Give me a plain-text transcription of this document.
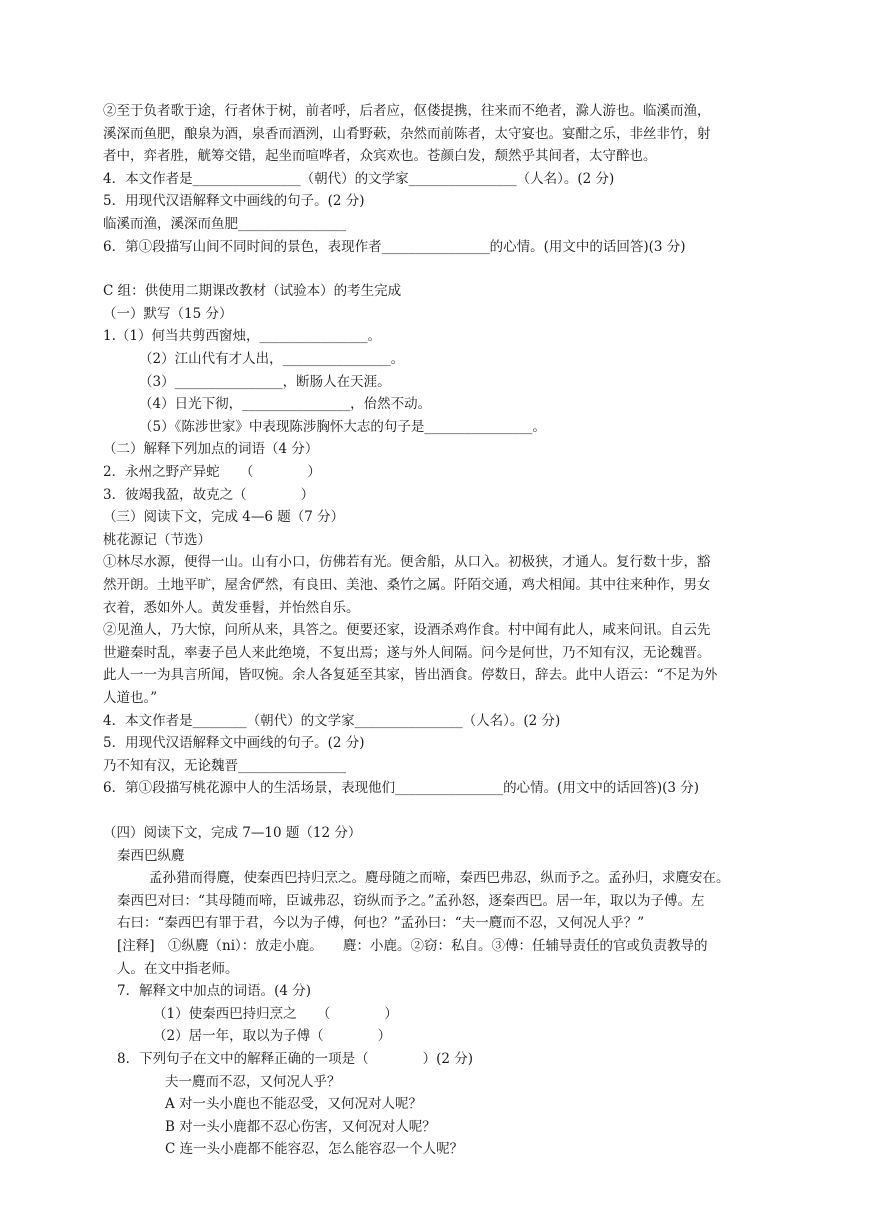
②至于负者歌于途，行者休于树，前者呼，后者应，伛偻提携，往来而不绝者，滁人游也。临溪而渔，
溪深而鱼肥，酿泉为酒，泉香而酒洌，山肴野蔌，杂然而前陈者，太守宴也。宴酣之乐，非丝非竹，射
者中，弈者胜，觥筹交错，起坐而喧哗者，众宾欢也。苍颜白发，颓然乎其间者，太守醉也。
4．本文作者是________________（朝代）的文学家________________（人名）。(2 分)
5．用现代汉语解释文中画线的句子。(2 分)
临溪而渔，溪深而鱼肥________________
6．第①段描写山间不同时间的景色，表现作者________________的心情。(用文中的话回答)(3 分)
C 组：供使用二期课改教材（试验本）的考生完成
（一）默写（15 分）
1.（1）何当共剪西窗烛，________________。
（2）江山代有才人出，________________。
（3）________________，断肠人在天涯。
（4）日光下彻，________________，佁然不动。
（5）《陈涉世家》中表现陈涉胸怀大志的句子是________________。
（二）解释下列加点的词语（4 分）
2．永州之野产异蛇　　（　　　　）
3．彼竭我盈，故克之（　　　　）
（三）阅读下文，完成 4—6 题（7 分）
桃花源记（节选）
①林尽水源，便得一山。山有小口，仿佛若有光。便舍船，从口入。初极狭，才通人。复行数十步，豁
然开朗。土地平旷，屋舍俨然，有良田、美池、桑竹之属。阡陌交通，鸡犬相闻。其中往来种作，男女
衣着，悉如外人。黄发垂髫，并怡然自乐。
②见渔人，乃大惊，问所从来，具答之。便要还家，设酒杀鸡作食。村中闻有此人，咸来问讯。自云先
世避秦时乱，率妻子邑人来此绝境，不复出焉；遂与外人间隔。问今是何世，乃不知有汉，无论魏晋。
此人一一为具言所闻，皆叹惋。余人各复延至其家，皆出酒食。停数日，辞去。此中人语云：“不足为外
人道也。”
4．本文作者是________（朝代）的文学家________________（人名）。(2 分)
5．用现代汉语解释文中画线的句子。(2 分)
乃不知有汉，无论魏晋________________
6．第①段描写桃花源中人的生活场景，表现他们________________的心情。(用文中的话回答)(3 分)
（四）阅读下文，完成 7—10 题（12 分）
秦西巴纵麑
孟孙猎而得麑，使秦西巴持归烹之。麑母随之而啼，秦西巴弗忍，纵而予之。孟孙归，求麑安在。
秦西巴对曰：“其母随而啼，臣诚弗忍，窃纵而予之。”孟孙怒，逐秦西巴。居一年，取以为子傅。左
右曰：“秦西巴有罪于君，今以为子傅，何也？”孟孙曰：“夫一麑而不忍，又何况人乎？”
[注释]　①纵麑（ni）：放走小鹿。　　麑：小鹿。②窃：私自。③傅：任辅导责任的官或负责教导的
人。在文中指老师。
7．解释文中加点的词语。(4 分)
（1）使秦西巴持归烹之　　（　　　　）
（2）居一年，取以为子傅（　　　　）
8．下列句子在文中的解释正确的一项是（　　　　）(2 分)
夫一麑而不忍，又何况人乎？
A 对一头小鹿也不能忍受，又何况对人呢？
B 对一头小鹿都不忍心伤害，又何况对人呢？
C 连一头小鹿都不能容忍，怎么能容忍一个人呢？
